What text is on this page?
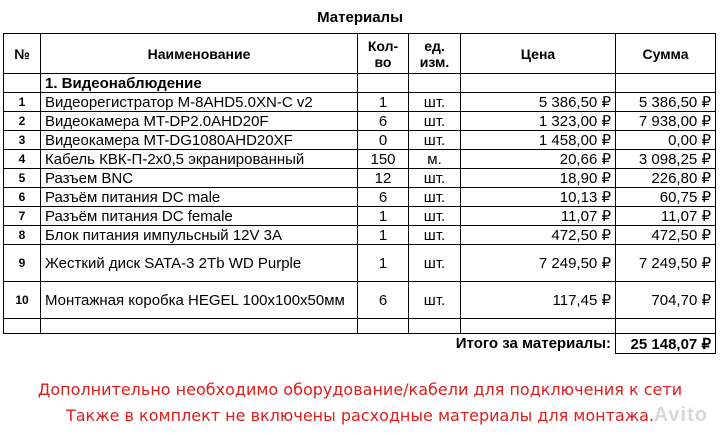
Материалы
№	Наименование	Кол-во	ед. изм.	Цена	Сумма
	1. Видеонаблюдение				
1	Видеорегистратор M-8AHD5.0XN-C v2	1	шт.	5 386,50 ₽	5 386,50 ₽
2	Видеокамера MT-DP2.0AHD20F	6	шт.	1 323,00 ₽	7 938,00 ₽
3	Видеокамера MT-DG1080AHD20XF	0	шт.	1 458,00 ₽	0,00 ₽
4	Кабель КВК-П-2х0,5 экранированный	150	м.	20,66 ₽	3 098,25 ₽
5	Разъем BNC	12	шт.	18,90 ₽	226,80 ₽
6	Разъём питания DC male	6	шт.	10,13 ₽	60,75 ₽
7	Разъём питания DC female	1	шт.	11,07 ₽	11,07 ₽
8	Блок питания импульсный 12V 3A	1	шт.	472,50 ₽	472,50 ₽
9	Жесткий диск SATA-3 2Tb WD Purple	1	шт.	7 249,50 ₽	7 249,50 ₽
10	Монтажная коробка HEGEL 100x100x50мм	6	шт.	117,45 ₽	704,70 ₽

			Итого за материалы:		25 148,07 ₽
Дополнительно необходимо оборудование/кабели для подключения к сети
Также в комплект не включены расходные материалы для монтажа. Avito
